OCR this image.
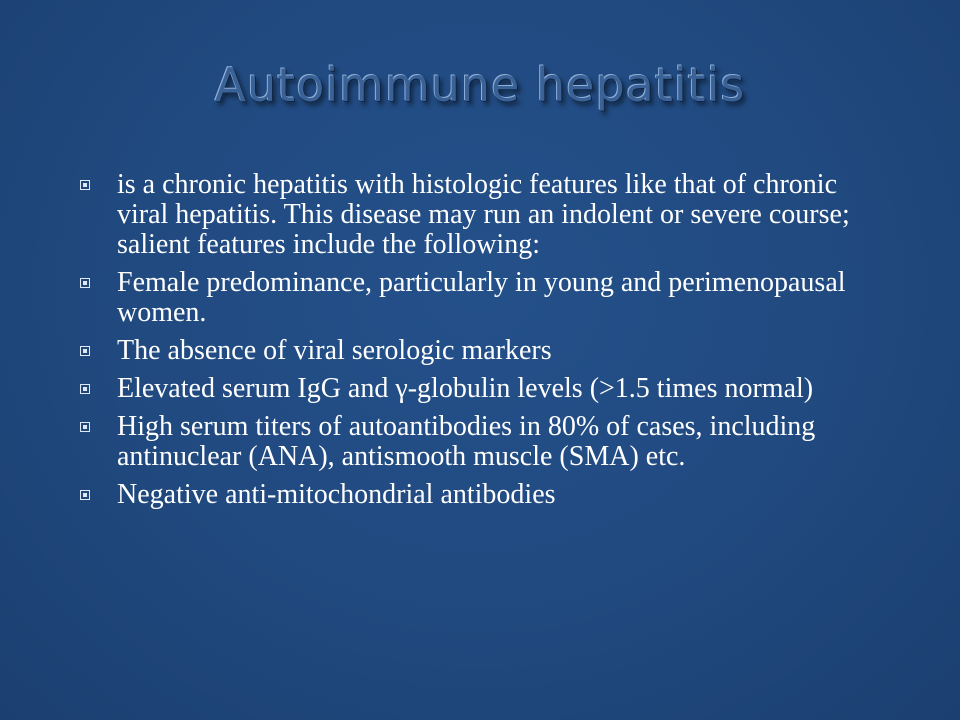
Autoimmune hepatitis
is a chronic hepatitis with histologic features like that of chronic viral hepatitis. This disease may run an indolent or severe course; salient features include the following:
Female predominance, particularly in young and perimenopausal women.
The absence of viral serologic markers
Elevated serum IgG and γ-globulin levels (>1.5 times normal)
High serum titers of autoantibodies in 80% of cases, including antinuclear (ANA), antismooth muscle (SMA) etc.
Negative anti-mitochondrial antibodies
